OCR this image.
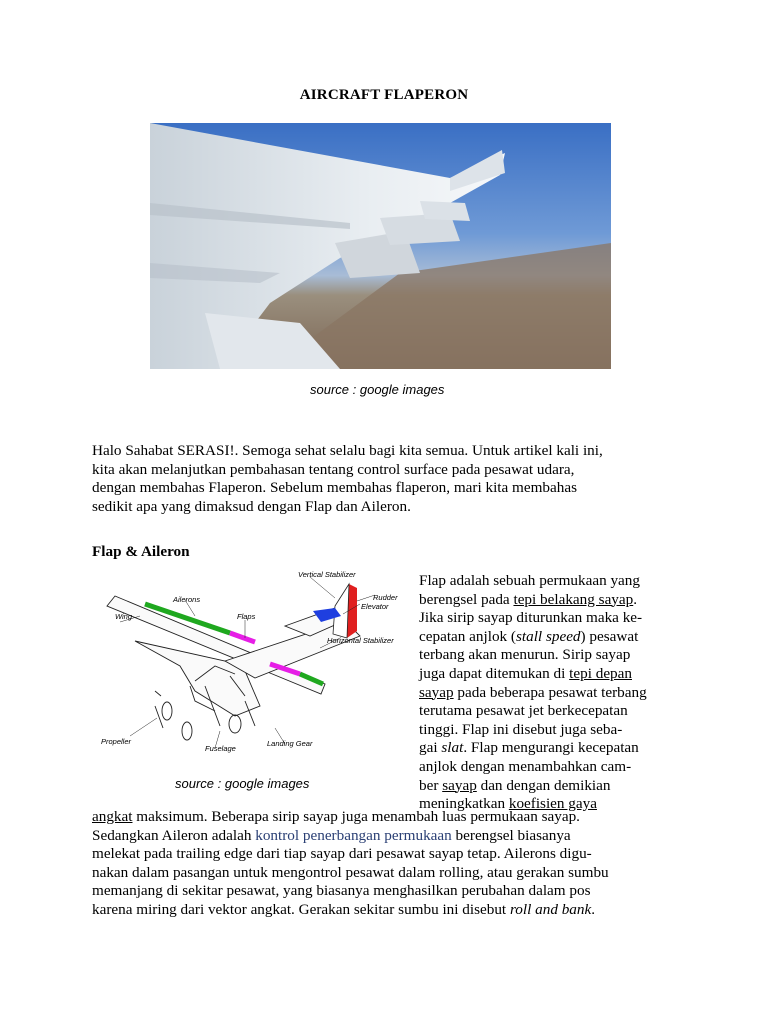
AIRCRAFT FLAPERON
source : google images
Halo Sahabat SERASI!. Semoga sehat selalu bagi kita semua. Untuk artikel kali ini,
kita akan melanjutkan pembahasan tentang control surface pada pesawat udara,
dengan membahas Flaperon. Sebelum membahas flaperon, mari kita membahas
sedikit apa yang dimaksud dengan Flap dan Aileron.
Flap & Aileron
Vertical Stabilizer
Rudder
Ailerons
Flaps
Elevator
Wing
Horizontal Stabilizer
Propeller
Fuselage
Landing Gear
source : google images
Flap adalah sebuah permukaan yang
berengsel pada tepi belakang sayap.
Jika sirip sayap diturunkan maka ke-
cepatan anjlok (stall speed) pesawat
terbang akan menurun. Sirip sayap
juga dapat ditemukan di tepi depan
sayap pada beberapa pesawat terbang
terutama pesawat jet berkecepatan
tinggi. Flap ini disebut juga seba-
gai slat. Flap mengurangi kecepatan
anjlok dengan menambahkan cam-
ber sayap dan dengan demikian
meningkatkan koefisien gaya
angkat maksimum. Beberapa sirip sayap juga menambah luas permukaan sayap.
Sedangkan Aileron adalah kontrol penerbangan permukaan berengsel biasanya
melekat pada trailing edge dari tiap sayap dari pesawat sayap tetap. Ailerons digu-
nakan dalam pasangan untuk mengontrol pesawat dalam rolling, atau gerakan sumbu
memanjang di sekitar pesawat, yang biasanya menghasilkan perubahan dalam pos
karena miring dari vektor angkat. Gerakan sekitar sumbu ini disebut roll and bank.
